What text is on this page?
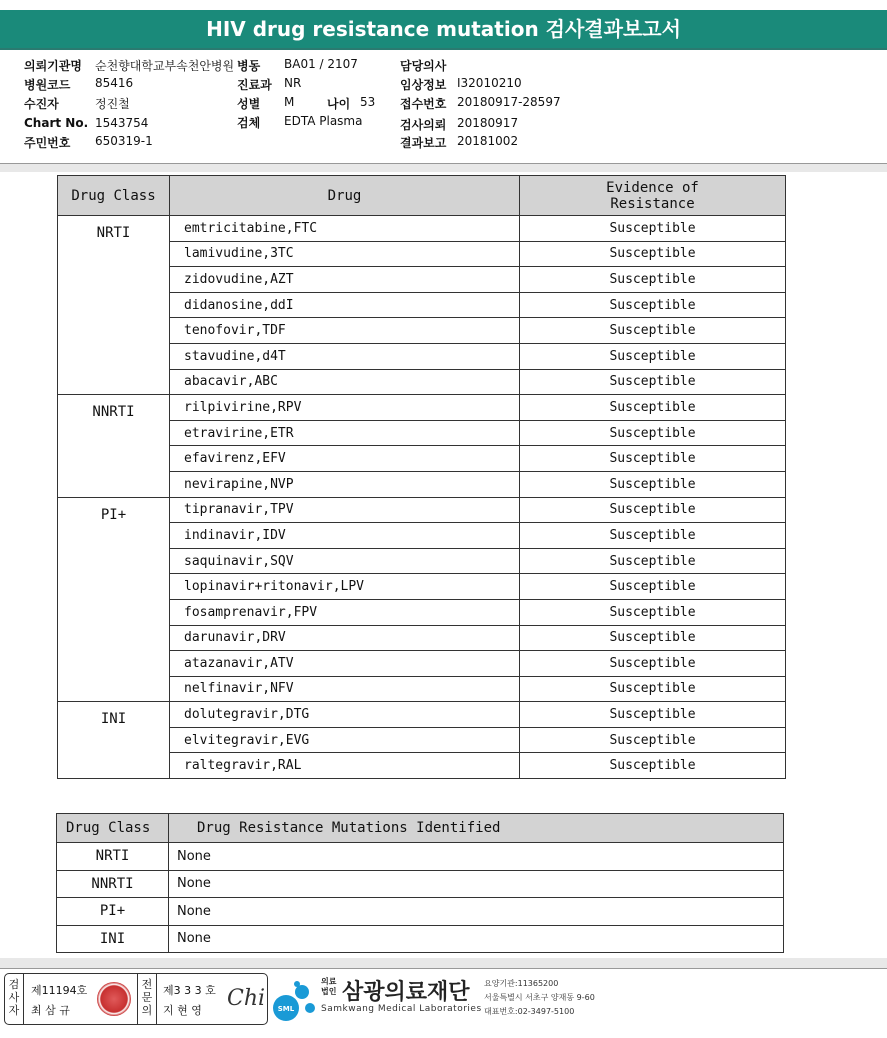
HIV drug resistance mutation 검사결과보고서
의뢰기관명 순천향대학교부속천안병원
병원코드 85416
수진자	정진철
Chart No. 1543754
주민번호 650319-1
병동 BA01 / 2107
진료과 NR
성별 M	나이 53
검체 EDTA Plasma
담당의사
임상정보 I32010210
접수번호 20180917-28597
검사의뢰 20180917
결과보고 20181002
Drug Class	Drug	Evidence of
Resistance

NRTI	emtricitabine,FTC	Susceptible
	lamivudine,3TC	Susceptible
	zidovudine,AZT	Susceptible
	didanosine,ddI	Susceptible
	tenofovir,TDF	Susceptible
	stavudine,d4T	Susceptible
	abacavir,ABC	Susceptible
NNRTI	rilpivirine,RPV	Susceptible
	etravirine,ETR	Susceptible
	efavirenz,EFV	Susceptible
	nevirapine,NVP	Susceptible
PI+	tipranavir,TPV	Susceptible
	indinavir,IDV	Susceptible
	saquinavir,SQV	Susceptible
	lopinavir+ritonavir,LPV	Susceptible
	fosamprenavir,FPV	Susceptible
	darunavir,DRV	Susceptible
	atazanavir,ATV	Susceptible
	nelfinavir,NFV	Susceptible
INI	dolutegravir,DTG	Susceptible
	elvitegravir,EVG	Susceptible
	raltegravir,RAL	Susceptible
Drug Class	Drug Resistance Mutations Identified
NRTI	None
NNRTI	None
PI+	None
INI	None
검
사
자
제11194호
최 삼 규
전
문
의
제3 3 3 호
지 현 영 Chi SML
의료
법인 삼광의료재단
Samkwang Medical Laboratories
요양기관:11365200
서울특별시 서초구 양재동 9-60
대표번호:02-3497-5100
